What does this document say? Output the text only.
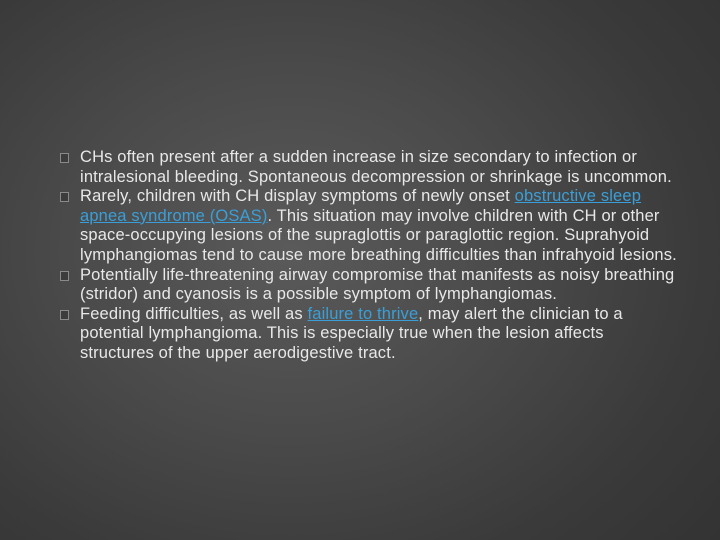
CHs often present after a sudden increase in size secondary to infection or intralesional bleeding. Spontaneous decompression or shrinkage is uncommon.
Rarely, children with CH display symptoms of newly onset obstructive sleep apnea syndrome (OSAS). This situation may involve children with CH or other space-occupying lesions of the supraglottis or paraglottic region. Suprahyoid lymphangiomas tend to cause more breathing difficulties than infrahyoid lesions.
Potentially life-threatening airway compromise that manifests as noisy breathing (stridor) and cyanosis is a possible symptom of lymphangiomas.
Feeding difficulties, as well as failure to thrive, may alert the clinician to a potential lymphangioma. This is especially true when the lesion affects structures of the upper aerodigestive tract.
